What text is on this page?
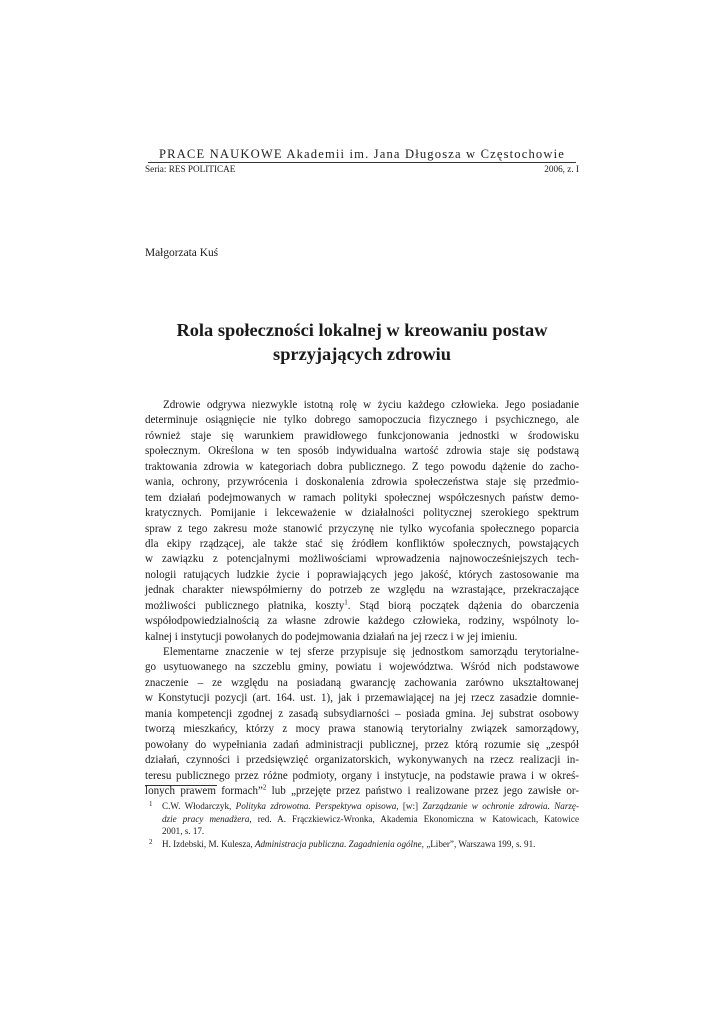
PRACE NAUKOWE Akademii im. Jana Długosza w Częstochowie
Seria: RES POLITICAE	2006, z. I
Małgorzata Kuś
Rola społeczności lokalnej w kreowaniu postaw
sprzyjających zdrowiu
Zdrowie odgrywa niezwykle istotną rolę w życiu każdego człowieka. Jego posiadanie
determinuje osiągnięcie nie tylko dobrego samopoczucia fizycznego i psychicznego, ale
również staje się warunkiem prawidłowego funkcjonowania jednostki w środowisku
społecznym. Określona w ten sposób indywidualna wartość zdrowia staje się podstawą
traktowania zdrowia w kategoriach dobra publicznego. Z tego powodu dążenie do zacho-
wania, ochrony, przywrócenia i doskonalenia zdrowia społeczeństwa staje się przedmio-
tem działań podejmowanych w ramach polityki społecznej współczesnych państw demo-
kratycznych. Pomijanie i lekceważenie w działalności politycznej szerokiego spektrum
spraw z tego zakresu może stanowić przyczynę nie tylko wycofania społecznego poparcia
dla ekipy rządzącej, ale także stać się źródłem konfliktów społecznych, powstających
w zawiązku z potencjalnymi możliwościami wprowadzenia najnowocześniejszych tech-
nologii ratujących ludzkie życie i poprawiających jego jakość, których zastosowanie ma
jednak charakter niewspółmierny do potrzeb ze względu na wzrastające, przekraczające
możliwości publicznego płatnika, koszty$^1$. Stąd biorą początek dążenia do obarczenia
współodpowiedzialnością za własne zdrowie każdego człowieka, rodziny, wspólnoty lo-
kalnej i instytucji powołanych do podejmowania działań na jej rzecz i w jej imieniu.
Elementarne znaczenie w tej sferze przypisuje się jednostkom samorządu terytorialne-
go usytuowanego na szczeblu gminy, powiatu i województwa. Wśród nich podstawowe
znaczenie – ze względu na posiadaną gwarancję zachowania zarówno ukształtowanej
w Konstytucji pozycji (art. 164. ust. 1), jak i przemawiającej na jej rzecz zasadzie domnie-
mania kompetencji zgodnej z zasadą subsydiarności – posiada gmina. Jej substrat osobowy
tworzą mieszkańcy, którzy z mocy prawa stanowią terytorialny związek samorządowy,
powołany do wypełniania zadań administracji publicznej, przez którą rozumie się „zespół
działań, czynności i przedsięwzięć organizatorskich, wykonywanych na rzecz realizacji in-
teresu publicznego przez różne podmioty, organy i instytucje, na podstawie prawa i w okreś-
lonych prawem formach”$^2$ lub „przejęte przez państwo i realizowane przez jego zawisłe or-
1 C.W. Włodarczyk, Polityka zdrowotna. Perspektywa opisowa, [w:] Zarządzanie w ochronie zdrowia. Narzę-
dzie pracy menadżera, red. A. Frączkiewicz-Wronka, Akademia Ekonomiczna w Katowicach, Katowice
2001, s. 17.
2 H. Izdebski, M. Kulesza, Administracja publiczna. Zagadnienia ogólne, „Liber”, Warszawa 199, s. 91.
